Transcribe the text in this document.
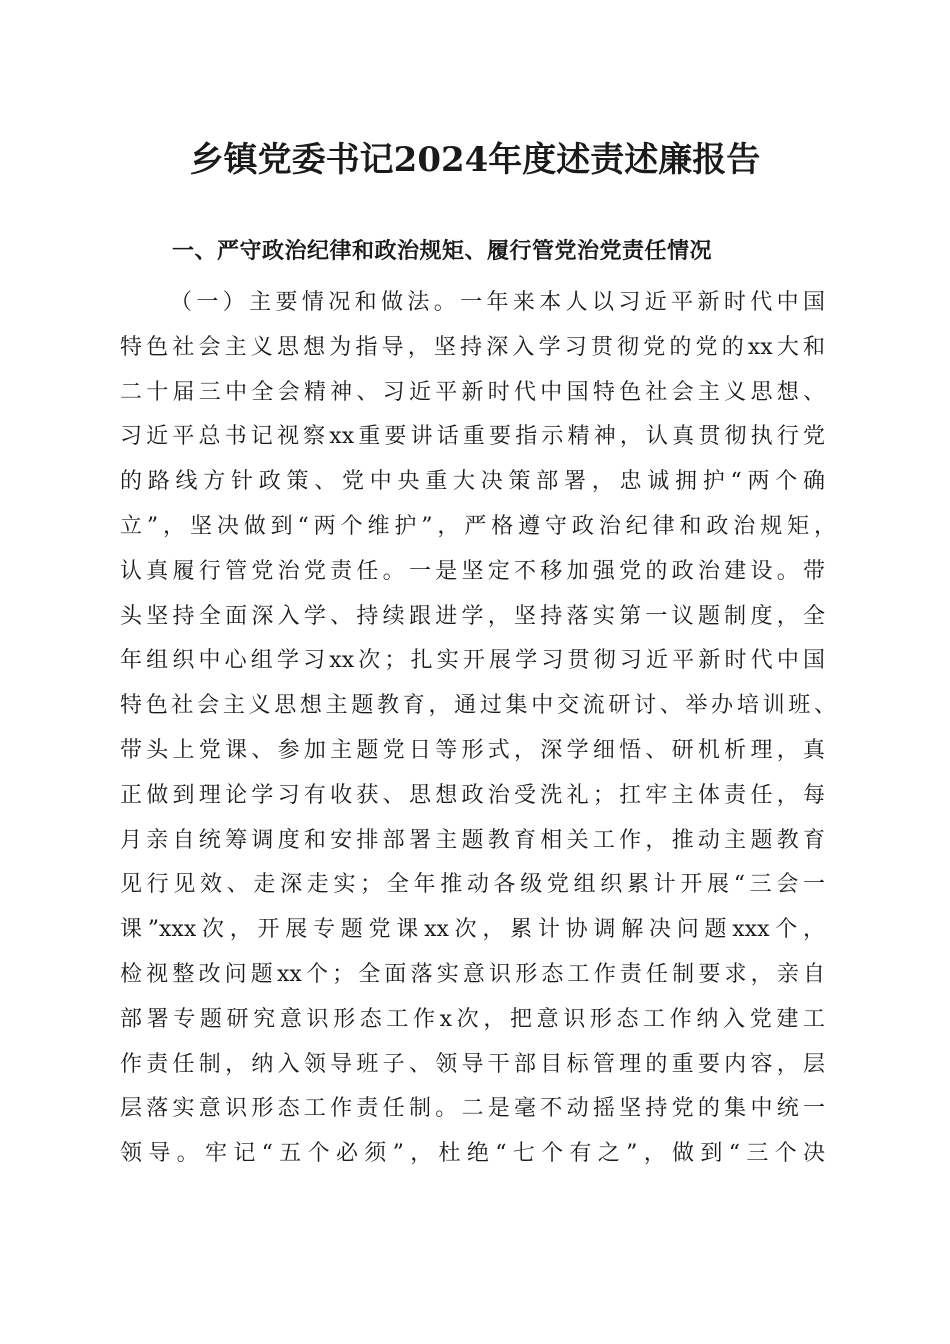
乡镇党委书记2024年度述责述廉报告
一、严守政治纪律和政治规矩、履行管党治党责任情况
（一）主要情况和做法。一年来本人以习近平新时代中国
特色社会主义思想为指导，坚持深入学习贯彻党的党的xx大和
二十届三中全会精神、习近平新时代中国特色社会主义思想、
习近平总书记视察xx重要讲话重要指示精神，认真贯彻执行党
的路线方针政策、党中央重大决策部署，忠诚拥护“两个确
立”，坚决做到“两个维护”，严格遵守政治纪律和政治规矩，
认真履行管党治党责任。一是坚定不移加强党的政治建设。带
头坚持全面深入学、持续跟进学，坚持落实第一议题制度，全
年组织中心组学习xx次；扎实开展学习贯彻习近平新时代中国
特色社会主义思想主题教育，通过集中交流研讨、举办培训班、
带头上党课、参加主题党日等形式，深学细悟、研机析理，真
正做到理论学习有收获、思想政治受洗礼；扛牢主体责任，每
月亲自统筹调度和安排部署主题教育相关工作，推动主题教育
见行见效、走深走实；全年推动各级党组织累计开展“三会一
课”xxx次，开展专题党课xx次，累计协调解决问题xxx个，
检视整改问题xx个；全面落实意识形态工作责任制要求，亲自
部署专题研究意识形态工作x次，把意识形态工作纳入党建工
作责任制，纳入领导班子、领导干部目标管理的重要内容，层
层落实意识形态工作责任制。二是毫不动摇坚持党的集中统一
领导。牢记“五个必须”，杜绝“七个有之”，做到“三个决
